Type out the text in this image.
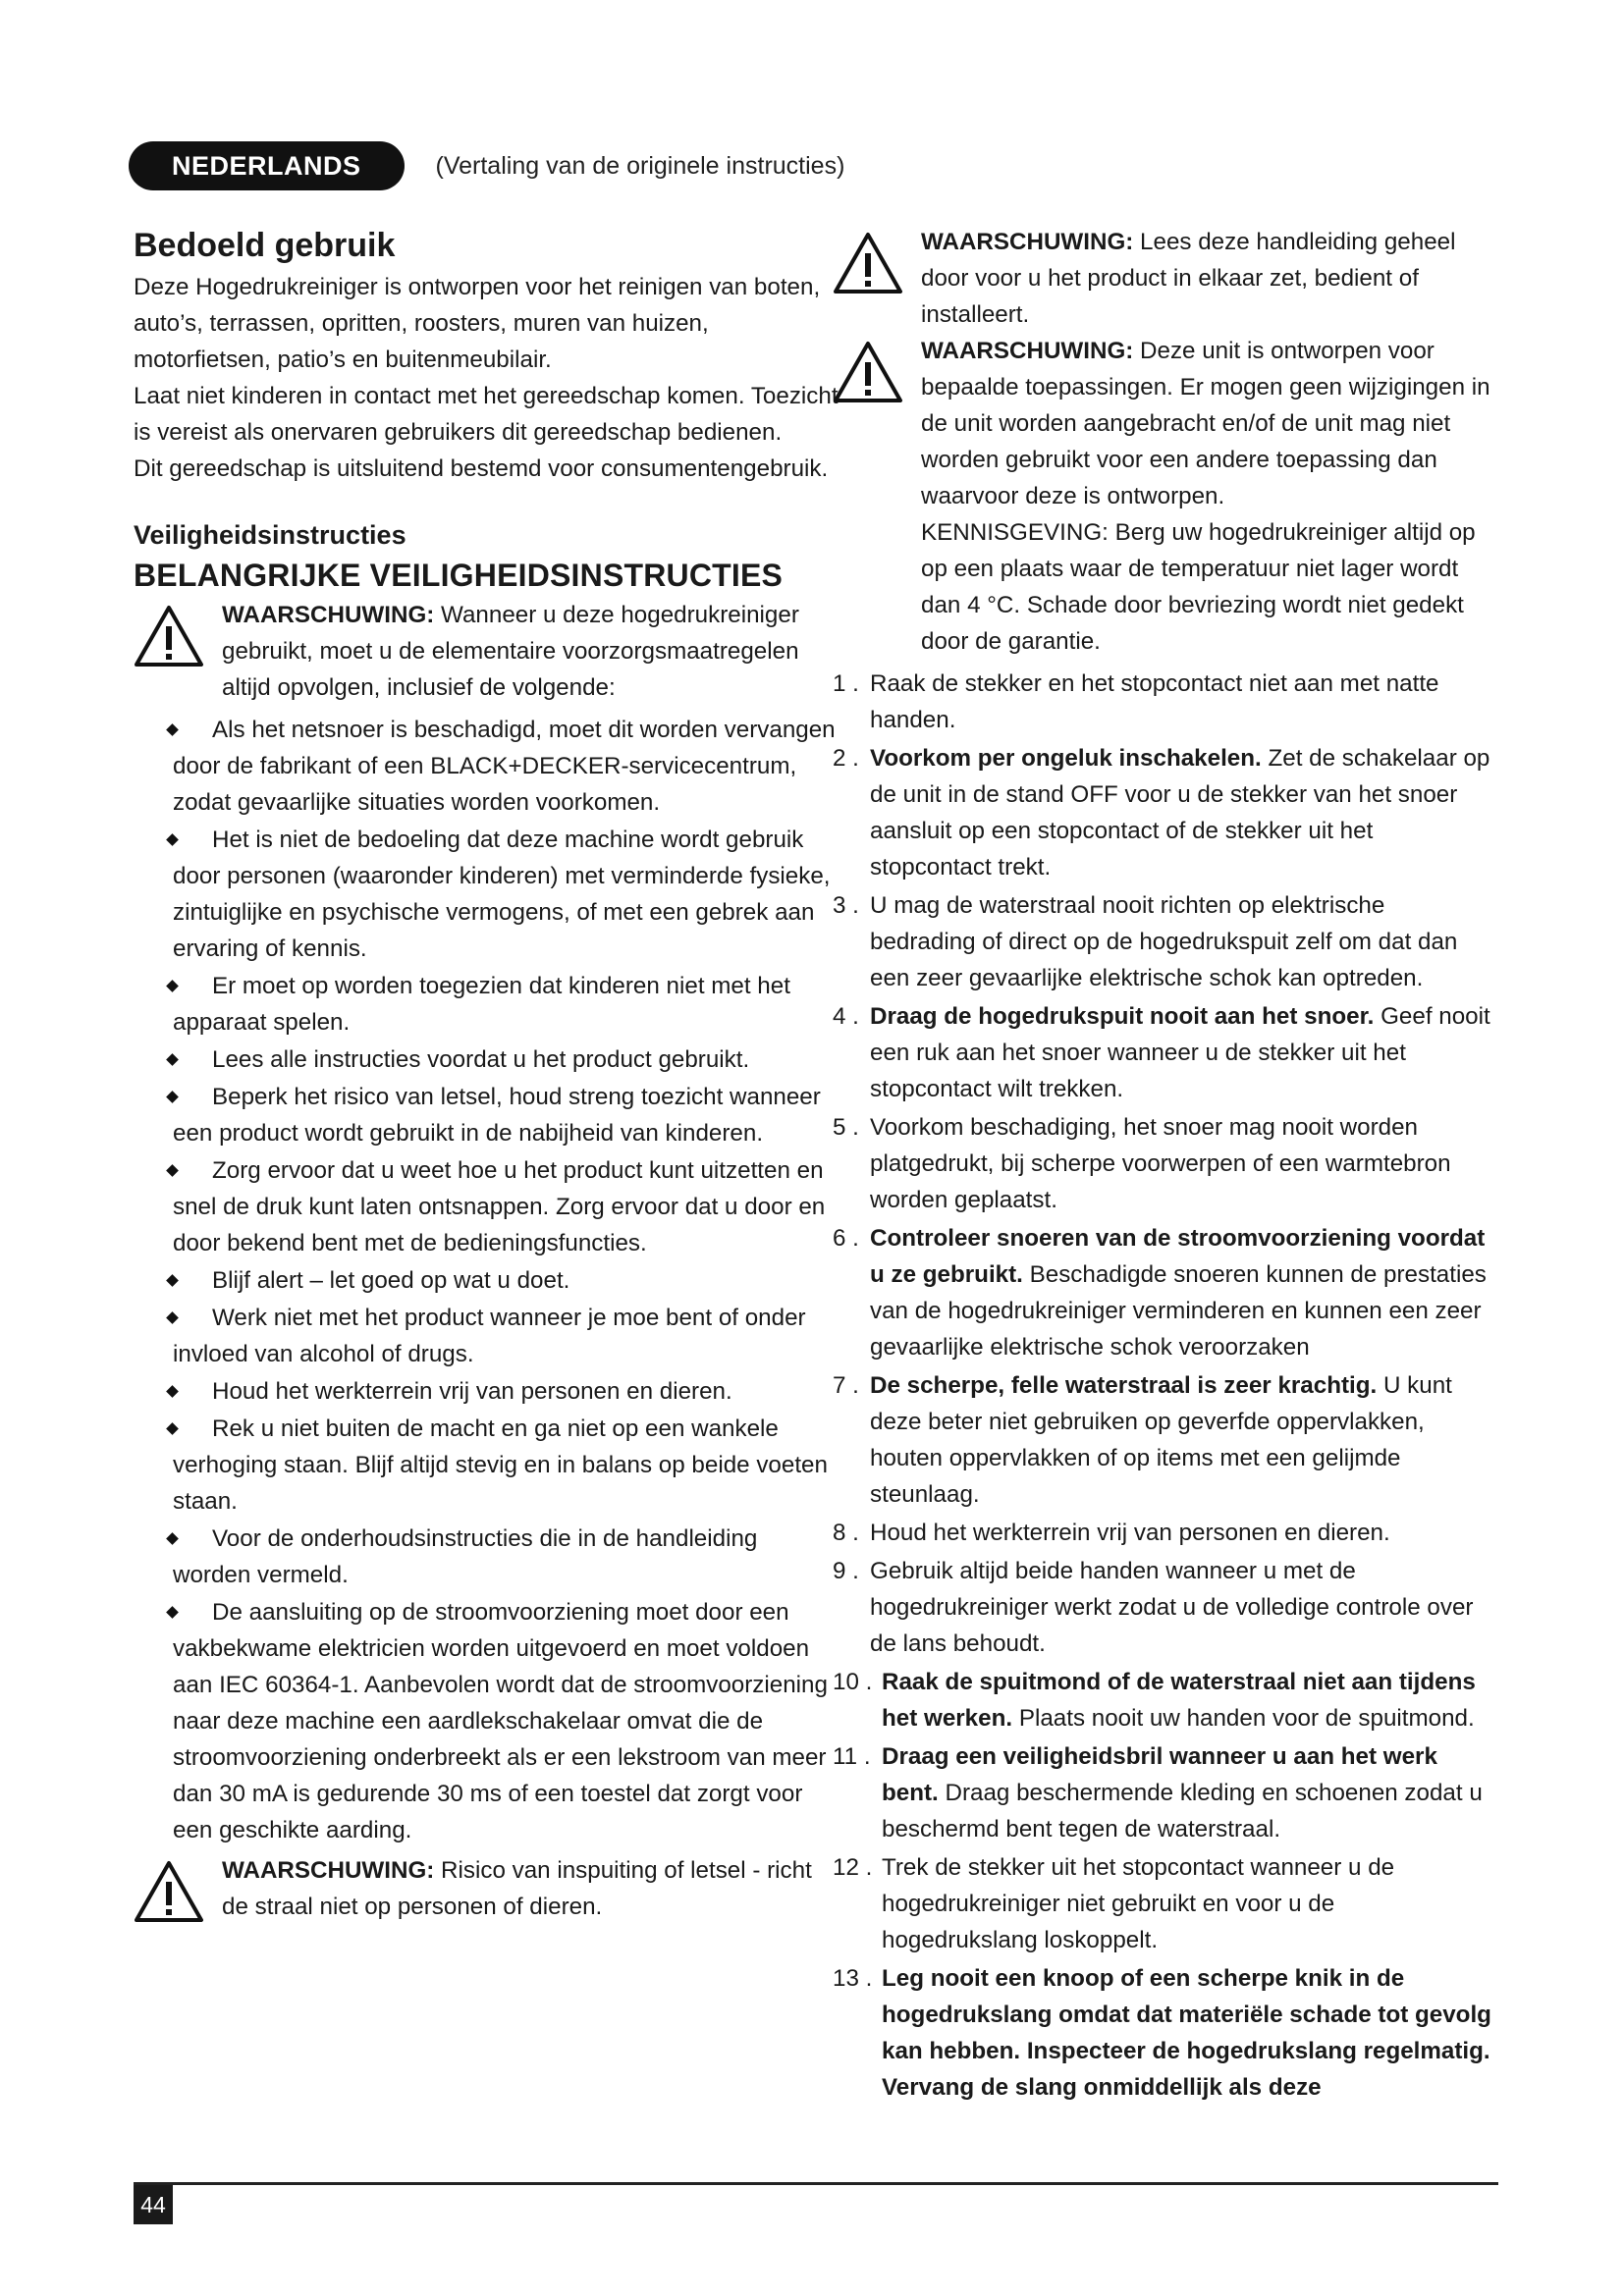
NEDERLANDS	(Vertaling van de originele instructies)
Bedoeld gebruik

Deze Hogedrukreiniger is ontworpen voor het reinigen van boten, auto’s, terrassen, opritten, roosters, muren van huizen, motorfietsen, patio’s en buitenmeubilair.

Laat niet kinderen in contact met het gereedschap komen. Toezicht is vereist als onervaren gebruikers dit gereedschap bedienen.

Dit gereedschap is uitsluitend bestemd voor consumentengebruik.

Veiligheidsinstructies
BELANGRIJKE VEILIGHEIDSINSTRUCTIES
WAARSCHUWING: Wanneer u deze hogedrukreiniger gebruikt, moet u de elementaire voorzorgsmaatregelen altijd opvolgen, inclusief de volgende:
Als het netsnoer is beschadigd, moet dit worden vervangen door de fabrikant of een BLACK+DECKER-servicecentrum, zodat gevaarlijke situaties worden voorkomen.
Het is niet de bedoeling dat deze machine wordt gebruik door personen (waaronder kinderen) met verminderde fysieke, zintuiglijke en psychische vermogens, of met een gebrek aan ervaring of kennis.
Er moet op worden toegezien dat kinderen niet met het apparaat spelen.
Lees alle instructies voordat u het product gebruikt.
Beperk het risico van letsel, houd streng toezicht wanneer een product wordt gebruikt in de nabijheid van kinderen.
Zorg ervoor dat u weet hoe u het product kunt uitzetten en snel de druk kunt laten ontsnappen. Zorg ervoor dat u door en door bekend bent met de bedieningsfuncties.
Blijf alert – let goed op wat u doet.
Werk niet met het product wanneer je moe bent of onder invloed van alcohol of drugs.
Houd het werkterrein vrij van personen en dieren.
Rek u niet buiten de macht en ga niet op een wankele verhoging staan. Blijf altijd stevig en in balans op beide voeten staan.
Voor de onderhoudsinstructies die in de handleiding worden vermeld.
De aansluiting op de stroomvoorziening moet door een vakbekwame elektricien worden uitgevoerd en moet voldoen aan IEC 60364-1. Aanbevolen wordt dat de stroomvoorziening naar deze machine een aardlekschakelaar omvat die de stroomvoorziening onderbreekt als er een lekstroom van meer dan 30 mA is gedurende 30 ms of een toestel dat zorgt voor een geschikte aarding.
WAARSCHUWING: Risico van inspuiting of letsel - richt de straal niet op personen of dieren.
WAARSCHUWING: Lees deze handleiding geheel door voor u het product in elkaar zet, bedient of installeert.
WAARSCHUWING: Deze unit is ontworpen voor bepaalde toepassingen. Er mogen geen wijzigingen in de unit worden aangebracht en/of de unit mag niet worden gebruikt voor een andere toepassing dan waarvoor deze is ontworpen.

KENNISGEVING: Berg uw hogedrukreiniger altijd op op een plaats waar de temperatuur niet lager wordt dan 4 °C. Schade door bevriezing wordt niet gedekt door de garantie.

1 . Raak de stekker en het stopcontact niet aan met natte handen.
2 . Voorkom per ongeluk inschakelen. Zet de schakelaar op de unit in de stand OFF voor u de stekker van het snoer aansluit op een stopcontact of de stekker uit het stopcontact trekt.
3 . U mag de waterstraal nooit richten op elektrische bedrading of direct op de hogedrukspuit zelf om dat dan een zeer gevaarlijke elektrische schok kan optreden.
4 . Draag de hogedrukspuit nooit aan het snoer. Geef nooit een ruk aan het snoer wanneer u de stekker uit het stopcontact wilt trekken.
5 . Voorkom beschadiging, het snoer mag nooit worden platgedrukt, bij scherpe voorwerpen of een warmtebron worden geplaatst.
6 . Controleer snoeren van de stroomvoorziening voordat u ze gebruikt. Beschadigde snoeren kunnen de prestaties van de hogedrukreiniger verminderen en kunnen een zeer gevaarlijke elektrische schok veroorzaken
7 . De scherpe, felle waterstraal is zeer krachtig. U kunt deze beter niet gebruiken op geverfde oppervlakken, houten oppervlakken of op items met een gelijmde steunlaag.
8 . Houd het werkterrein vrij van personen en dieren.
9 . Gebruik altijd beide handen wanneer u met de hogedrukreiniger werkt zodat u de volledige controle over de lans behoudt.
10 . Raak de spuitmond of de waterstraal niet aan tijdens het werken. Plaats nooit uw handen voor de spuitmond.
11 . Draag een veiligheidsbril wanneer u aan het werk bent. Draag beschermende kleding en schoenen zodat u beschermd bent tegen de waterstraal.
12 . Trek de stekker uit het stopcontact wanneer u de hogedrukreiniger niet gebruikt en voor u de hogedrukslang loskoppelt.
13 . Leg nooit een knoop of een scherpe knik in de hogedrukslang omdat dat materiële schade tot gevolg kan hebben. Inspecteer de hogedrukslang regelmatig. Vervang de slang onmiddellijk als deze
44
